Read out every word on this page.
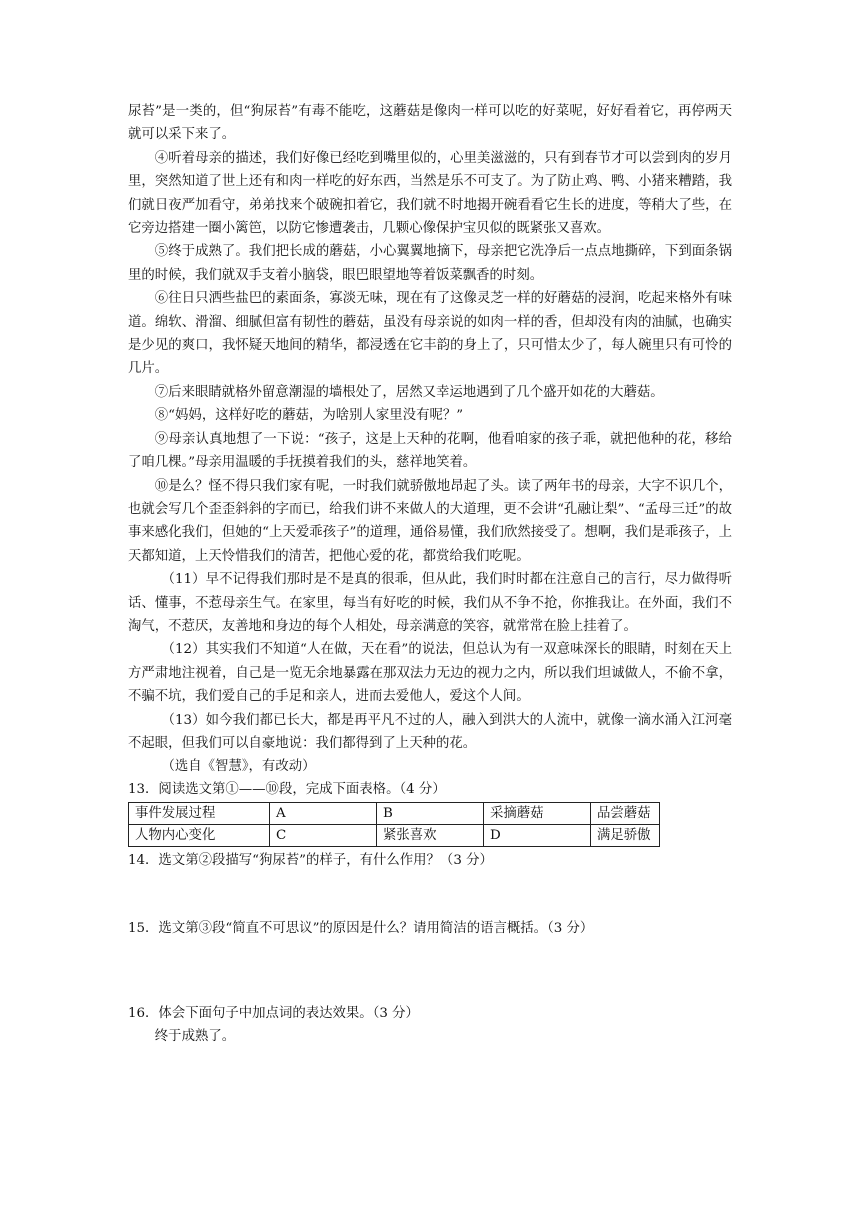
尿苔”是一类的，但“狗尿苔”有毒不能吃，这蘑菇是像肉一样可以吃的好菜呢，好好看着它，再停两天就可以采下来了。

④听着母亲的描述，我们好像已经吃到嘴里似的，心里美滋滋的，只有到春节才可以尝到肉的岁月里，突然知道了世上还有和肉一样吃的好东西，当然是乐不可支了。为了防止鸡、鸭、小猪来糟踏，我们就日夜严加看守，弟弟找来个破碗扣着它，我们就不时地揭开碗看看它生长的进度，等稍大了些，在它旁边搭建一圈小篱笆，以防它惨遭袭击，几颗心像保护宝贝似的既紧张又喜欢。

⑤终于成熟了。我们把长成的蘑菇，小心翼翼地摘下，母亲把它洗净后一点点地撕碎，下到面条锅里的时候，我们就双手支着小脑袋，眼巴眼望地等着饭菜飘香的时刻。

⑥往日只洒些盐巴的素面条，寡淡无味，现在有了这像灵芝一样的好蘑菇的浸润，吃起来格外有味道。绵软、滑溜、细腻但富有韧性的蘑菇，虽没有母亲说的如肉一样的香，但却没有肉的油腻，也确实是少见的爽口，我怀疑天地间的精华，都浸透在它丰韵的身上了，只可惜太少了，每人碗里只有可怜的几片。

⑦后来眼睛就格外留意潮湿的墙根处了，居然又幸运地遇到了几个盛开如花的大蘑菇。

⑧“妈妈，这样好吃的蘑菇，为啥别人家里没有呢？”

⑨母亲认真地想了一下说：“孩子，这是上天种的花啊，他看咱家的孩子乖，就把他种的花，移给了咱几棵。”母亲用温暖的手抚摸着我们的头，慈祥地笑着。

⑩是么？怪不得只我们家有呢，一时我们就骄傲地昂起了头。读了两年书的母亲，大字不识几个，也就会写几个歪歪斜斜的字而已，给我们讲不来做人的大道理，更不会讲“孔融让梨”、“孟母三迁”的故事来感化我们，但她的“上天爱乖孩子”的道理，通俗易懂，我们欣然接受了。想啊，我们是乖孩子，上天都知道，上天怜惜我们的清苦，把他心爱的花，都赏给我们吃呢。

（11）早不记得我们那时是不是真的很乖，但从此，我们时时都在注意自己的言行，尽力做得听话、懂事，不惹母亲生气。在家里，每当有好吃的时候，我们从不争不抢，你推我让。在外面，我们不淘气，不惹厌，友善地和身边的每个人相处，母亲满意的笑容，就常常在脸上挂着了。

（12）其实我们不知道“人在做，天在看”的说法，但总认为有一双意味深长的眼睛，时刻在天上方严肃地注视着，自己是一览无余地暴露在那双法力无边的视力之内，所以我们坦诚做人，不偷不拿，不骗不坑，我们爱自己的手足和亲人，进而去爱他人，爱这个人间。

（13）如今我们都已长大，都是再平凡不过的人，融入到洪大的人流中，就像一滴水涌入江河毫不起眼，但我们可以自豪地说：我们都得到了上天种的花。

（选自《智慧》，有改动）

13．阅读选文第①——⑩段，完成下面表格。（4 分）

事件发展过程	A	B	采摘蘑菇	品尝蘑菇
人物内心变化	C	紧张喜欢	D	满足骄傲

14．选文第②段描写“狗尿苔”的样子，有什么作用？（3 分）

15．选文第③段“简直不可思议”的原因是什么？请用简洁的语言概括。（3 分）

16．体会下面句子中加点词的表达效果。（3 分）

终于成熟了。
